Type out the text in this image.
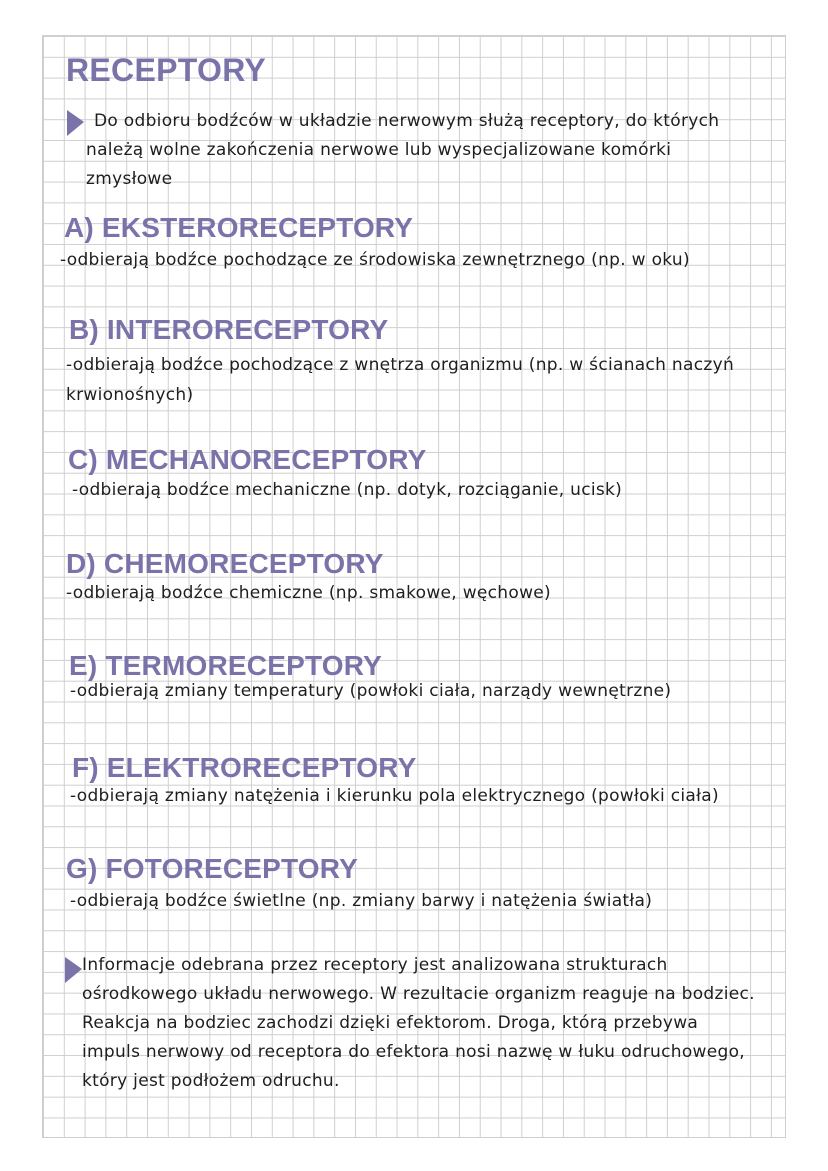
RECEPTORY
Do odbioru bodźców w układzie nerwowym służą receptory, do których
należą wolne zakończenia nerwowe lub wyspecjalizowane komórki
zmysłowe
A) EKSTERORECEPTORY
-odbierają bodźce pochodzące ze środowiska zewnętrznego (np. w oku)
B) INTERORECEPTORY
-odbierają bodźce pochodzące z wnętrza organizmu (np. w ścianach naczyń
krwionośnych)
C) MECHANORECEPTORY
-odbierają bodźce mechaniczne (np. dotyk, rozciąganie, ucisk)
D) CHEMORECEPTORY
-odbierają bodźce chemiczne (np. smakowe, węchowe)
E) TERMORECEPTORY
-odbierają zmiany temperatury (powłoki ciała, narządy wewnętrzne)
F) ELEKTRORECEPTORY
-odbierają zmiany natężenia i kierunku pola elektrycznego (powłoki ciała)
G) FOTORECEPTORY
-odbierają bodźce świetlne (np. zmiany barwy i natężenia światła)
Informacje odebrana przez receptory jest analizowana strukturach
ośrodkowego układu nerwowego. W rezultacie organizm reaguje na bodziec.
Reakcja na bodziec zachodzi dzięki efektorom. Droga, którą przebywa
impuls nerwowy od receptora do efektora nosi nazwę w łuku odruchowego,
który jest podłożem odruchu.
